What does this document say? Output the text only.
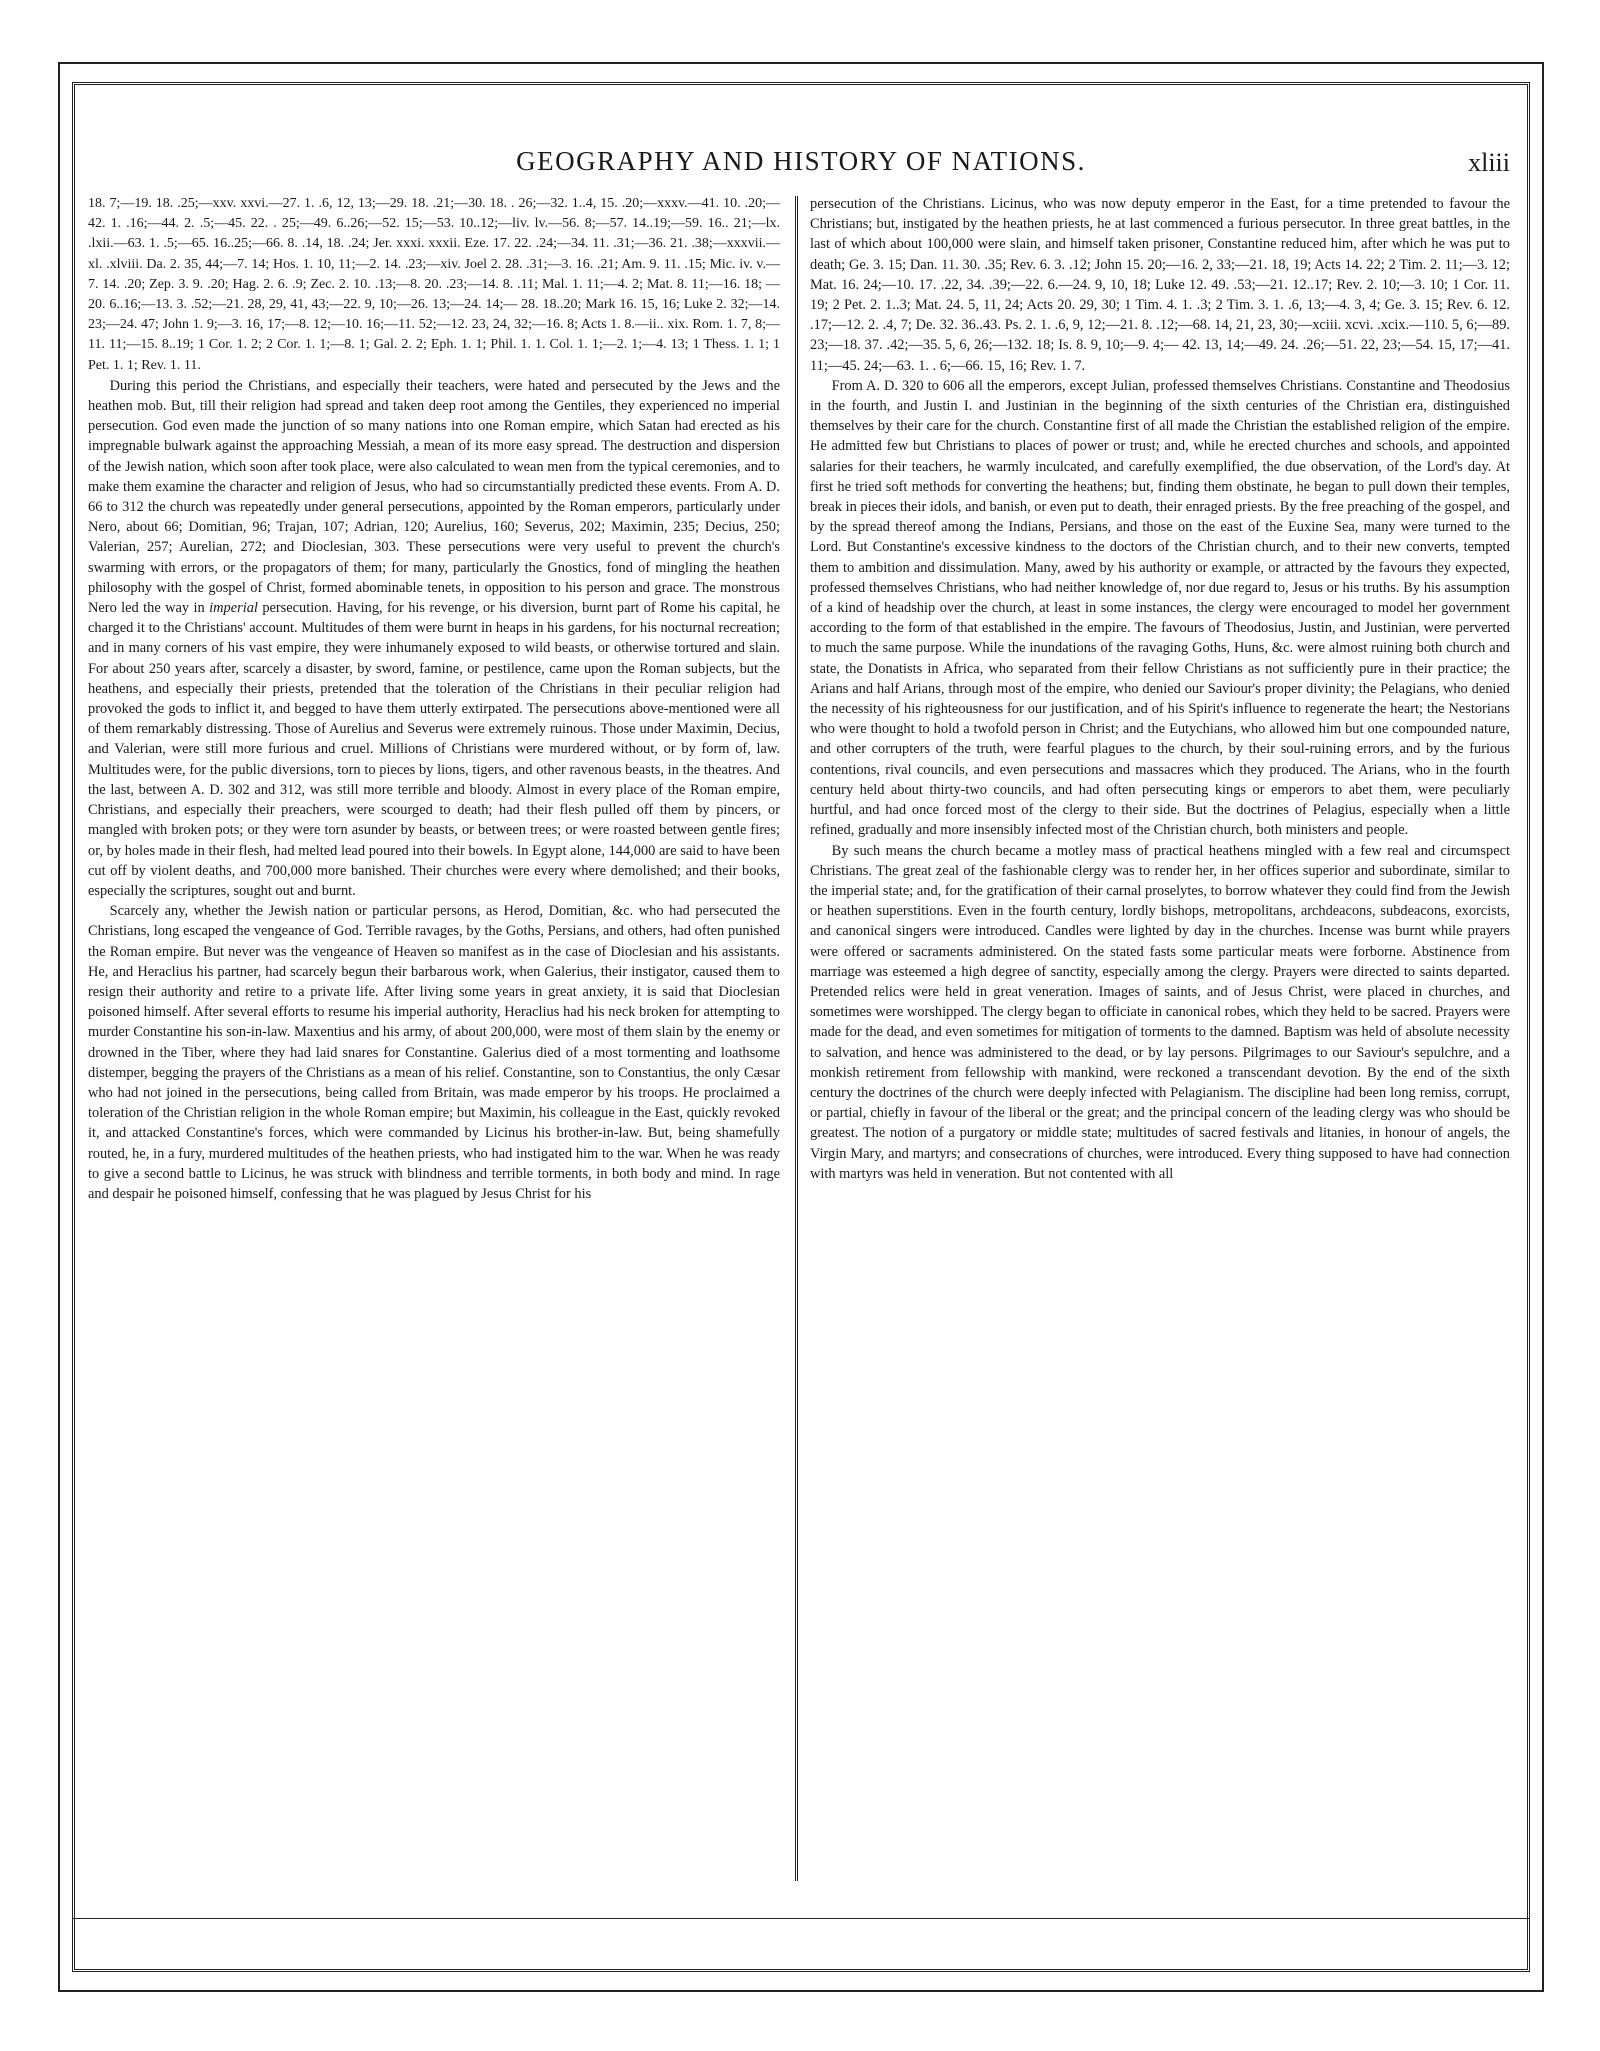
GEOGRAPHY AND HISTORY OF NATIONS.	xliii

18. 7;—19. 18. .25;—xxv. xxvi.—27. 1. .6, 12, 13;—29. 18. .21;—30. 18. . 26;—32. 1..4, 15. .20;—xxxv.—41. 10. .20;—42. 1. .16;—44. 2. .5;—45. 22. . 25;—49. 6..26;—52. 15;—53. 10..12;—liv. lv.—56. 8;—57. 14..19;—59. 16.. 21;—lx. .lxii.—63. 1. .5;—65. 16..25;—66. 8. .14, 18. .24; Jer. xxxi. xxxii. Eze. 17. 22. .24;—34. 11. .31;—36. 21. .38;—xxxvii.—xl. .xlviii. Da. 2. 35, 44;—7. 14; Hos. 1. 10, 11;—2. 14. .23;—xiv. Joel 2. 28. .31;—3. 16. .21; Am. 9. 11. .15; Mic. iv. v.—7. 14. .20; Zep. 3. 9. .20; Hag. 2. 6. .9; Zec. 2. 10. .13;—8. 20. .23;—14. 8. .11; Mal. 1. 11;—4. 2; Mat. 8. 11;—16. 18; —20. 6..16;—13. 3. .52;—21. 28, 29, 41, 43;—22. 9, 10;—26. 13;—24. 14;— 28. 18..20; Mark 16. 15, 16; Luke 2. 32;—14. 23;—24. 47; John 1. 9;—3. 16, 17;—8. 12;—10. 16;—11. 52;—12. 23, 24, 32;—16. 8; Acts 1. 8.—ii.. xix. Rom. 1. 7, 8;—11. 11;—15. 8..19; 1 Cor. 1. 2; 2 Cor. 1. 1;—8. 1; Gal. 2. 2; Eph. 1. 1; Phil. 1. 1. Col. 1. 1;—2. 1;—4. 13; 1 Thess. 1. 1; 1 Pet. 1. 1; Rev. 1. 11.

During this period the Christians, and especially their teachers, were hated and persecuted by the Jews and the heathen mob. But, till their religion had spread and taken deep root among the Gentiles, they experienced no imperial persecution. God even made the junction of so many nations into one Roman empire, which Satan had erected as his impregnable bulwark against the approaching Messiah, a mean of its more easy spread. The destruction and dispersion of the Jewish nation, which soon after took place, were also calculated to wean men from the typical ceremonies, and to make them examine the character and religion of Jesus, who had so circumstantially predicted these events. From A. D. 66 to 312 the church was repeatedly under general persecutions, appointed by the Roman emperors, particularly under Nero, about 66; Domitian, 96; Trajan, 107; Adrian, 120; Aurelius, 160; Severus, 202; Maximin, 235; Decius, 250; Valerian, 257; Aurelian, 272; and Dioclesian, 303. These persecutions were very useful to prevent the church's swarming with errors, or the propagators of them; for many, particularly the Gnostics, fond of mingling the heathen philosophy with the gospel of Christ, formed abominable tenets, in opposition to his person and grace. The monstrous Nero led the way in imperial persecution. Having, for his revenge, or his diversion, burnt part of Rome his capital, he charged it to the Christians' account. Multitudes of them were burnt in heaps in his gardens, for his nocturnal recreation; and in many corners of his vast empire, they were inhumanely exposed to wild beasts, or otherwise tortured and slain. For about 250 years after, scarcely a disaster, by sword, famine, or pestilence, came upon the Roman subjects, but the heathens, and especially their priests, pretended that the toleration of the Christians in their peculiar religion had provoked the gods to inflict it, and begged to have them utterly extirpated. The persecutions above-mentioned were all of them remarkably distressing. Those of Aurelius and Severus were extremely ruinous. Those under Maximin, Decius, and Valerian, were still more furious and cruel. Millions of Christians were murdered without, or by form of, law. Multitudes were, for the public diversions, torn to pieces by lions, tigers, and other ravenous beasts, in the theatres. And the last, between A. D. 302 and 312, was still more terrible and bloody. Almost in every place of the Roman empire, Christians, and especially their preachers, were scourged to death; had their flesh pulled off them by pincers, or mangled with broken pots; or they were torn asunder by beasts, or between trees; or were roasted between gentle fires; or, by holes made in their flesh, had melted lead poured into their bowels. In Egypt alone, 144,000 are said to have been cut off by violent deaths, and 700,000 more banished. Their churches were every where demolished; and their books, especially the scriptures, sought out and burnt.

Scarcely any, whether the Jewish nation or particular persons, as Herod, Domitian, &c. who had persecuted the Christians, long escaped the vengeance of God. Terrible ravages, by the Goths, Persians, and others, had often punished the Roman empire. But never was the vengeance of Heaven so manifest as in the case of Dioclesian and his assistants. He, and Heraclius his partner, had scarcely begun their barbarous work, when Galerius, their instigator, caused them to resign their authority and retire to a private life. After living some years in great anxiety, it is said that Dioclesian poisoned himself. After several efforts to resume his imperial authority, Heraclius had his neck broken for attempting to murder Constantine his son-in-law. Maxentius and his army, of about 200,000, were most of them slain by the enemy or drowned in the Tiber, where they had laid snares for Constantine. Galerius died of a most tormenting and loathsome distemper, begging the prayers of the Christians as a mean of his relief. Constantine, son to Constantius, the only Cæsar who had not joined in the persecutions, being called from Britain, was made emperor by his troops. He proclaimed a toleration of the Christian religion in the whole Roman empire; but Maximin, his colleague in the East, quickly revoked it, and attacked Constantine's forces, which were commanded by Licinus his brother-in-law. But, being shamefully routed, he, in a fury, murdered multitudes of the heathen priests, who had instigated him to the war. When he was ready to give a second battle to Licinus, he was struck with blindness and terrible torments, in both body and mind. In rage and despair he poisoned himself, confessing that he was plagued by Jesus Christ for his

persecution of the Christians. Licinus, who was now deputy emperor in the East, for a time pretended to favour the Christians; but, instigated by the heathen priests, he at last commenced a furious persecutor. In three great battles, in the last of which about 100,000 were slain, and himself taken prisoner, Constantine reduced him, after which he was put to death; Ge. 3. 15; Dan. 11. 30. .35; Rev. 6. 3. .12; John 15. 20;—16. 2, 33;—21. 18, 19; Acts 14. 22; 2 Tim. 2. 11;—3. 12; Mat. 16. 24;—10. 17. .22, 34. .39;—22. 6.—24. 9, 10, 18; Luke 12. 49. .53;—21. 12..17; Rev. 2. 10;—3. 10; 1 Cor. 11. 19; 2 Pet. 2. 1..3; Mat. 24. 5, 11, 24; Acts 20. 29, 30; 1 Tim. 4. 1. .3; 2 Tim. 3. 1. .6, 13;—4. 3, 4; Ge. 3. 15; Rev. 6. 12. .17;—12. 2. .4, 7; De. 32. 36..43. Ps. 2. 1. .6, 9, 12;—21. 8. .12;—68. 14, 21, 23, 30;—xciii. xcvi. .xcix.—110. 5, 6;—89. 23;—18. 37. .42;—35. 5, 6, 26;—132. 18; Is. 8. 9, 10;—9. 4;— 42. 13, 14;—49. 24. .26;—51. 22, 23;—54. 15, 17;—41. 11;—45. 24;—63. 1. . 6;—66. 15, 16; Rev. 1. 7.

From A. D. 320 to 606 all the emperors, except Julian, professed themselves Christians. Constantine and Theodosius in the fourth, and Justin I. and Justinian in the beginning of the sixth centuries of the Christian era, distinguished themselves by their care for the church. Constantine first of all made the Christian the established religion of the empire. He admitted few but Christians to places of power or trust; and, while he erected churches and schools, and appointed salaries for their teachers, he warmly inculcated, and carefully exemplified, the due observation, of the Lord's day. At first he tried soft methods for converting the heathens; but, finding them obstinate, he began to pull down their temples, break in pieces their idols, and banish, or even put to death, their enraged priests. By the free preaching of the gospel, and by the spread thereof among the Indians, Persians, and those on the east of the Euxine Sea, many were turned to the Lord. But Constantine's excessive kindness to the doctors of the Christian church, and to their new converts, tempted them to ambition and dissimulation. Many, awed by his authority or example, or attracted by the favours they expected, professed themselves Christians, who had neither knowledge of, nor due regard to, Jesus or his truths. By his assumption of a kind of headship over the church, at least in some instances, the clergy were encouraged to model her government according to the form of that established in the empire. The favours of Theodosius, Justin, and Justinian, were perverted to much the same purpose. While the inundations of the ravaging Goths, Huns, &c. were almost ruining both church and state, the Donatists in Africa, who separated from their fellow Christians as not sufficiently pure in their practice; the Arians and half Arians, through most of the empire, who denied our Saviour's proper divinity; the Pelagians, who denied the necessity of his righteousness for our justification, and of his Spirit's influence to regenerate the heart; the Nestorians who were thought to hold a twofold person in Christ; and the Eutychians, who allowed him but one compounded nature, and other corrupters of the truth, were fearful plagues to the church, by their soul-ruining errors, and by the furious contentions, rival councils, and even persecutions and massacres which they produced. The Arians, who in the fourth century held about thirty-two councils, and had often persecuting kings or emperors to abet them, were peculiarly hurtful, and had once forced most of the clergy to their side. But the doctrines of Pelagius, especially when a little refined, gradually and more insensibly infected most of the Christian church, both ministers and people.

By such means the church became a motley mass of practical heathens mingled with a few real and circumspect Christians. The great zeal of the fashionable clergy was to render her, in her offices superior and subordinate, similar to the imperial state; and, for the gratification of their carnal proselytes, to borrow whatever they could find from the Jewish or heathen superstitions. Even in the fourth century, lordly bishops, metropolitans, archdeacons, subdeacons, exorcists, and canonical singers were introduced. Candles were lighted by day in the churches. Incense was burnt while prayers were offered or sacraments administered. On the stated fasts some particular meats were forborne. Abstinence from marriage was esteemed a high degree of sanctity, especially among the clergy. Prayers were directed to saints departed. Pretended relics were held in great veneration. Images of saints, and of Jesus Christ, were placed in churches, and sometimes were worshipped. The clergy began to officiate in canonical robes, which they held to be sacred. Prayers were made for the dead, and even sometimes for mitigation of torments to the damned. Baptism was held of absolute necessity to salvation, and hence was administered to the dead, or by lay persons. Pilgrimages to our Saviour's sepulchre, and a monkish retirement from fellowship with mankind, were reckoned a transcendant devotion. By the end of the sixth century the doctrines of the church were deeply infected with Pelagianism. The discipline had been long remiss, corrupt, or partial, chiefly in favour of the liberal or the great; and the principal concern of the leading clergy was who should be greatest. The notion of a purgatory or middle state; multitudes of sacred festivals and litanies, in honour of angels, the Virgin Mary, and martyrs; and consecrations of churches, were introduced. Every thing supposed to have had connection with martyrs was held in veneration. But not contented with all
